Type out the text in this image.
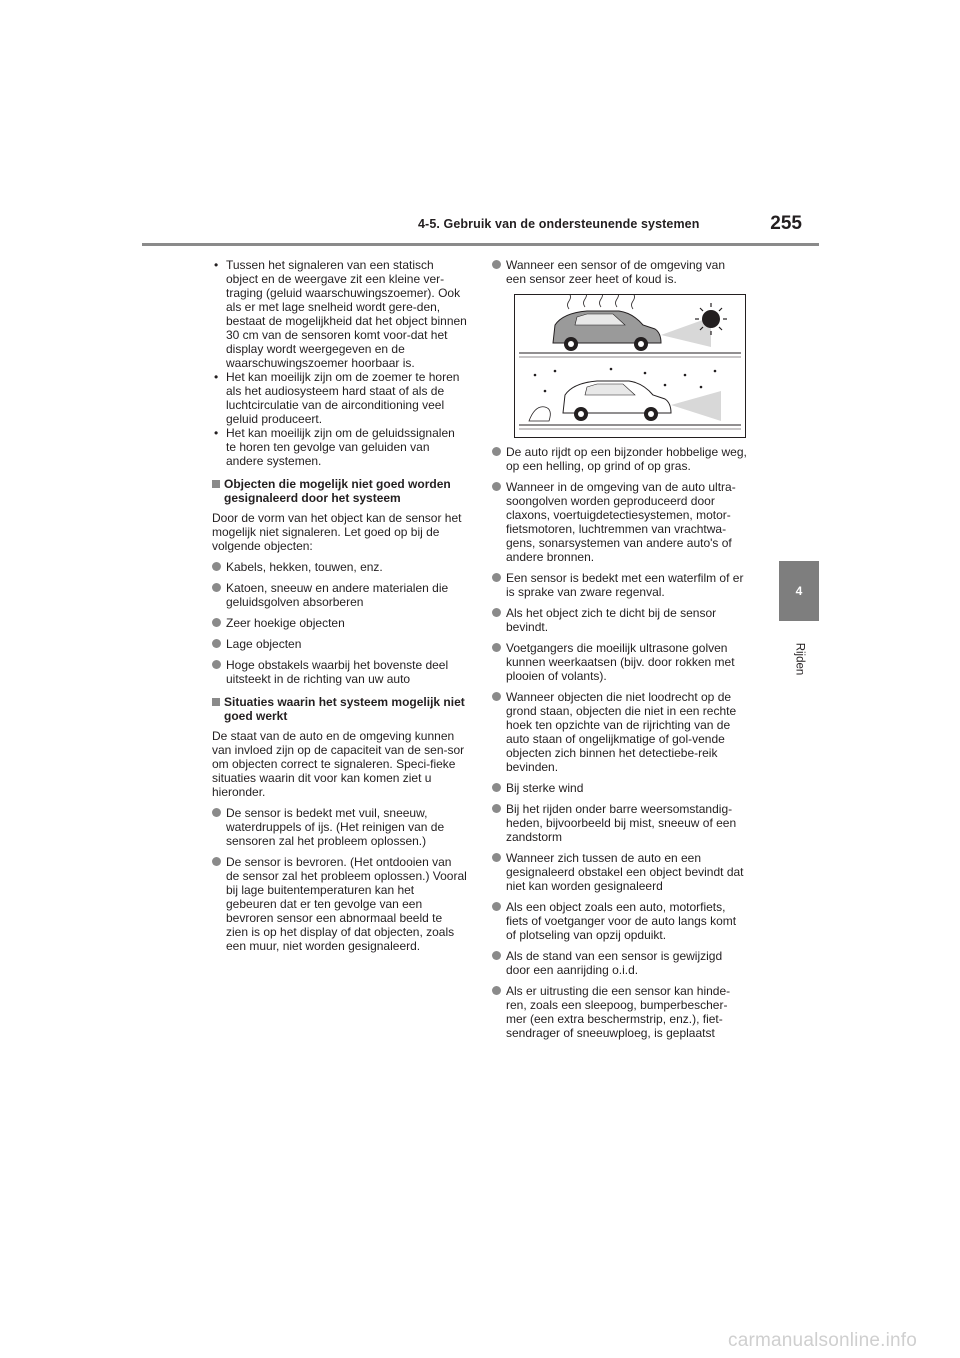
4-5. Gebruik van de ondersteunende systemen	255
4
Rijden

• Tussen het signaleren van een statisch object en de weergave zit een kleine ver-traging (geluid waarschuwingszoemer). Ook als er met lage snelheid wordt gere-den, bestaat de mogelijkheid dat het object binnen 30 cm van de sensoren komt voor-dat het display wordt weergegeven en de waarschuwingszoemer hoorbaar is.

• Het kan moeilijk zijn om de zoemer te horen als het audiosysteem hard staat of als de luchtcirculatie van de airconditioning veel geluid produceert.

• Het kan moeilijk zijn om de geluidssignalen te horen ten gevolge van geluiden van andere systemen.

Objecten die mogelijk niet goed worden gesignaleerd door het systeem

Door de vorm van het object kan de sensor het mogelijk niet signaleren. Let goed op bij de volgende objecten:

Kabels, hekken, touwen, enz.

Katoen, sneeuw en andere materialen die geluidsgolven absorberen

Zeer hoekige objecten

Lage objecten

Hoge obstakels waarbij het bovenste deel uitsteekt in de richting van uw auto

Situaties waarin het systeem mogelijk niet goed werkt

De staat van de auto en de omgeving kunnen van invloed zijn op de capaciteit van de sen-sor om objecten correct te signaleren. Speci-fieke situaties waarin dit voor kan komen ziet u hieronder.

De sensor is bedekt met vuil, sneeuw, waterdruppels of ijs. (Het reinigen van de sensoren zal het probleem oplossen.)

De sensor is bevroren. (Het ontdooien van de sensor zal het probleem oplossen.) Vooral bij lage buitentemperaturen kan het gebeuren dat er ten gevolge van een bevroren sensor een abnormaal beeld te zien is op het display of dat objecten, zoals een muur, niet worden gesignaleerd.

Wanneer een sensor of de omgeving van een sensor zeer heet of koud is.

De auto rijdt op een bijzonder hobbelige weg, op een helling, op grind of op gras.

Wanneer in de omgeving van de auto ultra-soongolven worden geproduceerd door claxons, voertuigdetectiesystemen, motor-fietsmotoren, luchtremmen van vrachtwa-gens, sonarsystemen van andere auto's of andere bronnen.

Een sensor is bedekt met een waterfilm of er is sprake van zware regenval.

Als het object zich te dicht bij de sensor bevindt.

Voetgangers die moeilijk ultrasone golven kunnen weerkaatsen (bijv. door rokken met plooien of volants).

Wanneer objecten die niet loodrecht op de grond staan, objecten die niet in een rechte hoek ten opzichte van de rijrichting van de auto staan of ongelijkmatige of gol-vende objecten zich binnen het detectiebe-reik bevinden.

Bij sterke wind

Bij het rijden onder barre weersomstandig-heden, bijvoorbeeld bij mist, sneeuw of een zandstorm

Wanneer zich tussen de auto en een gesignaleerd obstakel een object bevindt dat niet kan worden gesignaleerd

Als een object zoals een auto, motorfiets, fiets of voetganger voor de auto langs komt of plotseling van opzij opduikt.

Als de stand van een sensor is gewijzigd door een aanrijding o.i.d.

Als er uitrusting die een sensor kan hinde-ren, zoals een sleepoog, bumperbescher-mer (een extra beschermstrip, enz.), fiet-sendrager of sneeuwploeg, is geplaatst

carmanualsonline.info
